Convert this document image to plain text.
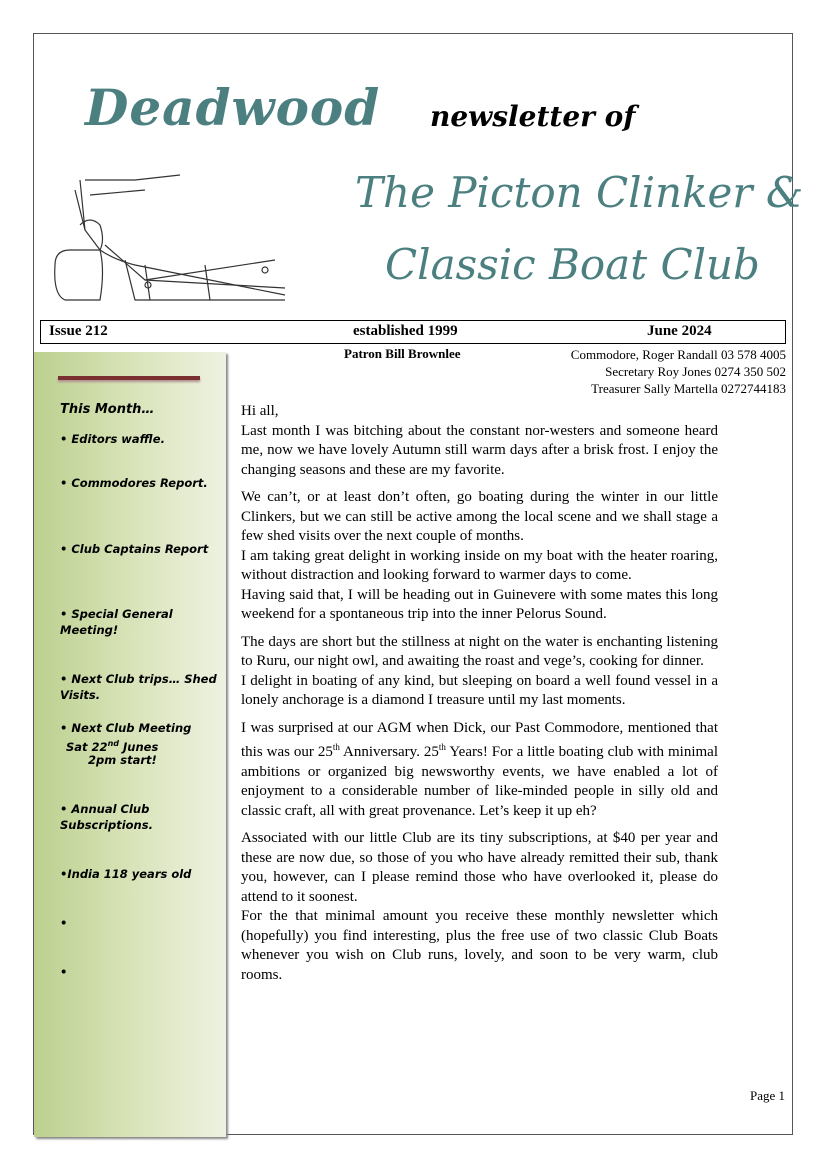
Deadwood newsletter of
The Picton Clinker &
Classic Boat Club
Issue 212	established 1999	June 2024
Patron Bill Brownlee	Commodore, Roger Randall 03 578 4005
Secretary Roy Jones 0274 350 502
Treasurer Sally Martella 0272744183
This Month…
• Editors waffle.
• Commodores Report.
• Club Captains Report
• Special General Meeting!
• Next Club trips… Shed Visits.
• Next Club Meeting
Sat 22nd Junes
2pm start!
• Annual Club Subscriptions.
•India 118 years old
•
•

Hi all,

Last month I was bitching about the constant nor-westers and someone heard me, now we have lovely Autumn still warm days after a brisk frost. I enjoy the changing seasons and these are my favorite.

We can’t, or at least don’t often, go boating during the winter in our little Clinkers, but we can still be active among the local scene and we shall stage a few shed visits over the next couple of months.

I am taking great delight in working inside on my boat with the heater roaring, without distraction and looking forward to warmer days to come.

Having said that, I will be heading out in Guinevere with some mates this long weekend for a spontaneous trip into the inner Pelorus Sound.

The days are short but the stillness at night on the water is enchanting listening to Ruru, our night owl, and awaiting the roast and vege’s, cooking for dinner.

I delight in boating of any kind, but sleeping on board a well found vessel in a lonely anchorage is a diamond I treasure until my last moments.

I was surprised at our AGM when Dick, our Past Commodore, mentioned that this was our 25th Anniversary. 25th Years! For a little boating club with minimal ambitions or organized big newsworthy events, we have enabled a lot of enjoyment to a considerable number of like-minded people in silly old and classic craft, all with great provenance. Let’s keep it up eh?

Associated with our little Club are its tiny subscriptions, at $40 per year and these are now due, so those of you who have already remitted their sub, thank you, however, can I please remind those who have overlooked it, please do attend to it soonest.

For the that minimal amount you receive these monthly newsletter which (hopefully) you find interesting, plus the free use of two classic Club Boats whenever you wish on Club runs, lovely, and soon to be very warm, club rooms.

Page 1
